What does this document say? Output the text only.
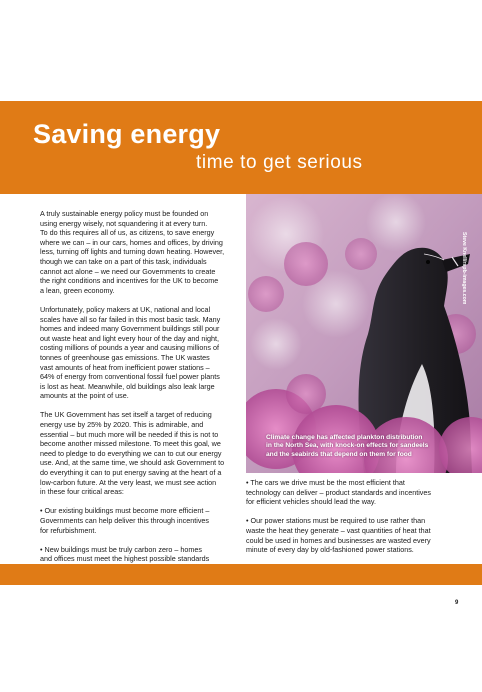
Saving energy
time to get serious

A truly sustainable energy policy must be founded on
using energy wisely, not squandering it at every turn.
To do this requires all of us, as citizens, to save energy
where we can – in our cars, homes and offices, by driving
less, turning off lights and turning down heating. However,
though we can take on a part of this task, individuals
cannot act alone – we need our Governments to create
the right conditions and incentives for the UK to become
a lean, green economy.

Unfortunately, policy makers at UK, national and local
scales have all so far failed in this most basic task. Many
homes and indeed many Government buildings still pour
out waste heat and light every hour of the day and night,
costing millions of pounds a year and causing millions of
tonnes of greenhouse gas emissions. The UK wastes
vast amounts of heat from inefficient power stations –
64% of energy from conventional fossil fuel power plants
is lost as heat. Meanwhile, old buildings also leak large
amounts at the point of use.

The UK Government has set itself a target of reducing
energy use by 25% by 2020. This is admirable, and
essential – but much more will be needed if this is not to
become another missed milestone. To meet this goal, we
need to pledge to do everything we can to cut our energy
use. And, at the same time, we should ask Government to
do everything it can to put energy saving at the heart of a
low-carbon future. At the very least, we must see action
in these four critical areas:

• Our existing buildings must become more efficient –
Governments can help deliver this through incentives
for refurbishment.

• New buildings must be truly carbon zero – homes
and offices must meet the highest possible standards

Climate change has affected plankton distribution
in the North Sea, with knock-on effects for sandeels
and the seabirds that depend on them for food

Steve Knell/rspb-images.com

• The cars we drive must be the most efficient that
technology can deliver – product standards and incentives
for efficient vehicles should lead the way.

• Our power stations must be required to use rather than
waste the heat they generate – vast quantities of heat that
could be used in homes and businesses are wasted every
minute of every day by old-fashioned power stations.

9
